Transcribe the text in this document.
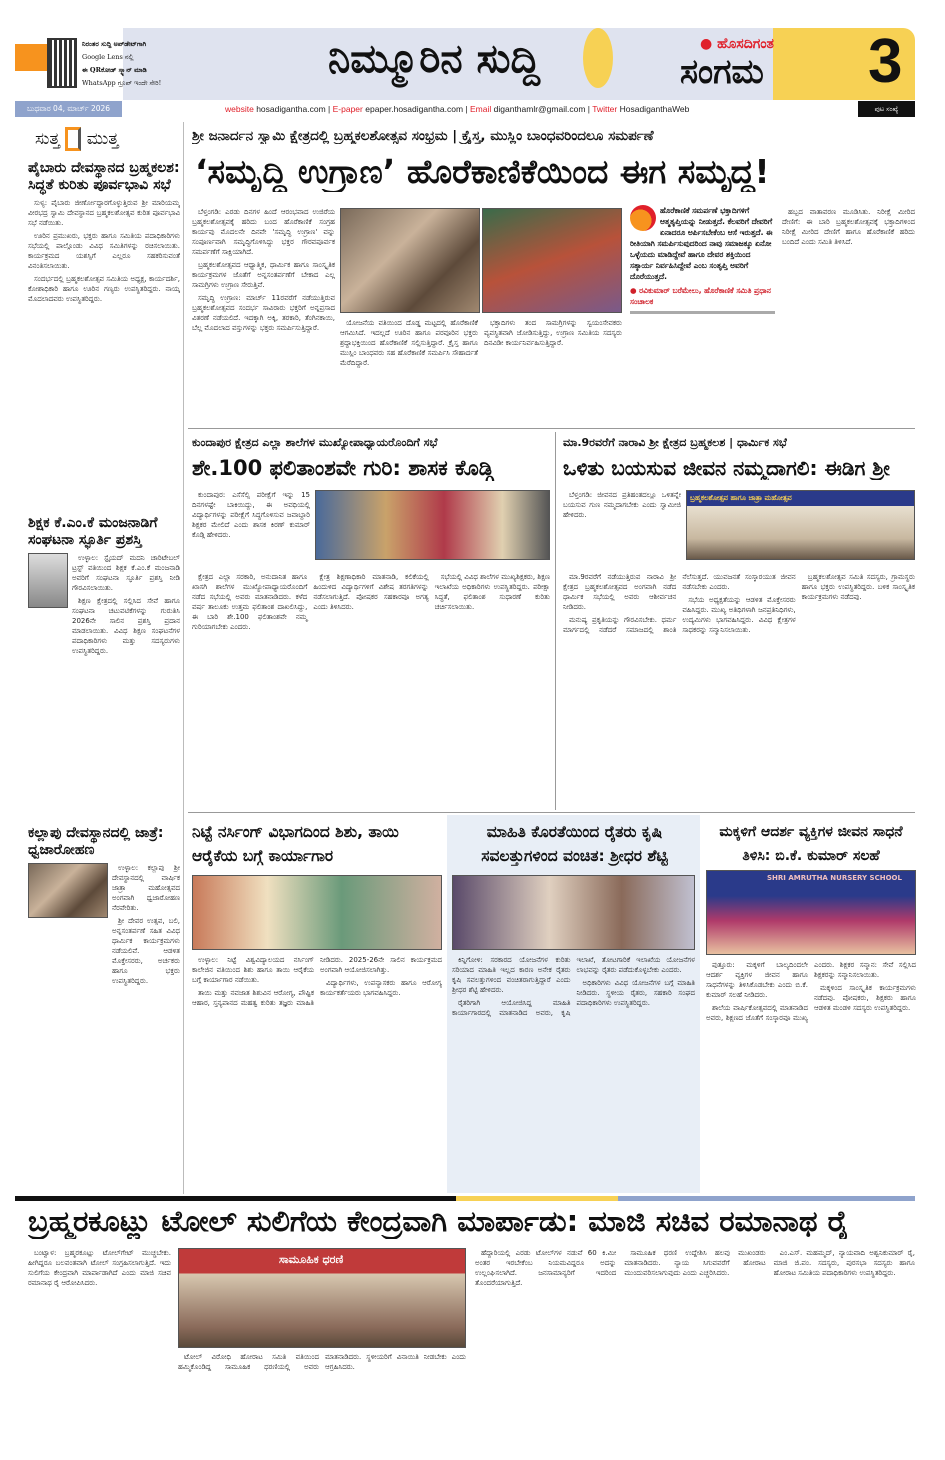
ನಿಮ್ಮೂರಿನ ಸುದ್ದಿ
ನಿರಂತರ ಸುದ್ದಿ ಅಪ್‌ಡೇಟ್‌ಗಾಗಿ
Google Lens ನಲ್ಲಿ
ಈ QRಕೋಡ್ ಸ್ಕ್ಯಾನ್ ಮಾಡಿ
WhatsApp ಗ್ರೂಪ್ ಇಂದೇ ಸೇರಿ!
● ಹೊಸದಿಗಂತ
ಸಂಗಮ 3
ಬುಧವಾರ 04, ಮಾರ್ಚ್ 2026	website hosadigantha.com | E-paper epaper.hosadigantha.com | Email diganthamlr@gmail.com | Twitter HosadiganthaWeb	ಪುಟ ಸಂಖ್ಯೆ
ಸುತ್ತ ಮುತ್ತ
ಪೈಬಾರು ದೇವಸ್ಥಾನದ ಬ್ರಹ್ಮಕಲಶ: ಸಿದ್ಧತೆ ಕುರಿತು ಪೂರ್ವಭಾವಿ ಸಭೆ

ಸುಳ್ಯ: ಪೈಬಾರು ಜೀರ್ಣೋದ್ಧಾರಗೊಳ್ಳುತ್ತಿರುವ ಶ್ರೀ ಮಾರಿಯಮ್ಮ ವೀರಭದ್ರ ಸ್ವಾಮಿ ದೇವಸ್ಥಾನದ ಬ್ರಹ್ಮಕಲಶೋತ್ಸವ ಕುರಿತ ಪೂರ್ವಭಾವಿ ಸಭೆ ನಡೆಯಿತು.

ಊರಿನ ಪ್ರಮುಖರು, ಭಕ್ತರು ಹಾಗೂ ಸಮಿತಿಯ ಪದಾಧಿಕಾರಿಗಳು ಸಭೆಯಲ್ಲಿ ಪಾಲ್ಗೊಂಡು ವಿವಿಧ ಸಮಿತಿಗಳನ್ನು ರಚಿಸಲಾಯಿತು. ಕಾರ್ಯಕ್ರಮದ ಯಶಸ್ಸಿಗೆ ಎಲ್ಲರೂ ಸಹಕರಿಸುವಂತೆ ವಿನಂತಿಸಲಾಯಿತು.

ಸಂದರ್ಭದಲ್ಲಿ ಬ್ರಹ್ಮಕಲಶೋತ್ಸವ ಸಮಿತಿಯ ಅಧ್ಯಕ್ಷ, ಕಾರ್ಯದರ್ಶಿ, ಕೋಶಾಧಿಕಾರಿ ಹಾಗೂ ಊರಿನ ಗಣ್ಯರು ಉಪಸ್ಥಿತರಿದ್ದರು. ನಾಯ್ಕ ಮೊದಲಾದವರು ಉಪಸ್ಥಿತರಿದ್ದರು.

ಶಿಕ್ಷಕ ಕೆ.ಎಂ.ಕೆ ಮಂಜನಾಡಿಗೆ ಸಂಘಟನಾ ಸ್ಫೂರ್ತಿ ಪ್ರಶಸ್ತಿ

ಉಳ್ಳಾಲ: ಸ್ಟೈಯದ್ ಮದನಿ ಚಾರಿಟೇಬಲ್ ಟ್ರಸ್ಟ್ ವತಿಯಿಂದ ಶಿಕ್ಷಕ ಕೆ.ಎಂ.ಕೆ ಮಂಜನಾಡಿ ಅವರಿಗೆ ಸಂಘಟನಾ ಸ್ಫೂರ್ತಿ ಪ್ರಶಸ್ತಿ ನೀಡಿ ಗೌರವಿಸಲಾಯಿತು.

ಶಿಕ್ಷಣ ಕ್ಷೇತ್ರದಲ್ಲಿ ಸಲ್ಲಿಸಿದ ಸೇವೆ ಹಾಗೂ ಸಂಘಟನಾ ಚಟುವಟಿಕೆಗಳನ್ನು ಗುರುತಿಸಿ 2026ನೇ ಸಾಲಿನ ಪ್ರಶಸ್ತಿ ಪ್ರದಾನ ಮಾಡಲಾಯಿತು. ವಿವಿಧ ಶಿಕ್ಷಣ ಸಂಘಟನೆಗಳ ಪದಾಧಿಕಾರಿಗಳು ಮತ್ತು ಸದಸ್ಯರುಗಳು ಉಪಸ್ಥಿತರಿದ್ದರು.

ಕಲ್ಲಾಪು ದೇವಸ್ಥಾನದಲ್ಲಿ ಜಾತ್ರೆ: ಧ್ವಜಾರೋಹಣ

ಉಳ್ಳಾಲ: ಕಲ್ಲಾಪು ಶ್ರೀ ದೇವಸ್ಥಾನದಲ್ಲಿ ವಾರ್ಷಿಕ ಜಾತ್ರಾ ಮಹೋತ್ಸವದ ಅಂಗವಾಗಿ ಧ್ವಜಾರೋಹಣ ನೆರವೇರಿತು.

ಶ್ರೀ ದೇವರ ಉತ್ಸವ, ಬಲಿ, ಅನ್ನಸಂತರ್ಪಣೆ ಸಹಿತ ವಿವಿಧ ಧಾರ್ಮಿಕ ಕಾರ್ಯಕ್ರಮಗಳು ನಡೆಯಲಿವೆ. ಆಡಳಿತ ಮೊಕ್ತೇಸರರು, ಅರ್ಚಕರು ಹಾಗೂ ಭಕ್ತರು ಉಪಸ್ಥಿತರಿದ್ದರು.

ಶ್ರೀ ಜನಾರ್ದನ ಸ್ವಾಮಿ ಕ್ಷೇತ್ರದಲ್ಲಿ ಬ್ರಹ್ಮಕಲಶೋತ್ಸವ ಸಂಭ್ರಮ | ಕ್ರೈಸ್ತ, ಮುಸ್ಲಿಂ ಬಾಂಧವರಿಂದಲೂ ಸಮರ್ಪಣೆ
‘ಸಮೃದ್ಧಿ ಉಗ್ರಾಣ’ ಹೊರೆಕಾಣಿಕೆಯಿಂದ ಈಗ ಸಮೃದ್ಧ!

ಬೆಳ್ತಂಗಡಿ: ಎರಡು ದಿನಗಳ ಹಿಂದೆ ಆರಂಭವಾದ ಉಜಿರೆಯ ಬ್ರಹ್ಮಕಲಶೋತ್ಸವಕ್ಕೆ ಹರಿದು ಬಂದ ಹೊರೆಕಾಣಿಕೆ ಸಂಗ್ರಹ ಕಾರ್ಯವು ಮೊದಲನೇ ದಿನವೇ 'ಸಮೃದ್ಧಿ ಉಗ್ರಾಣ' ವನ್ನು ಸಂಪೂರ್ಣವಾಗಿ ಸಮೃದ್ಧಿಗೊಳಿಸಿದ್ದು ಭಕ್ತರ ಗೌರವಪೂರ್ವಕ ಸಮರ್ಪಣೆಗೆ ಸಾಕ್ಷಿಯಾಗಿದೆ.

ಬ್ರಹ್ಮಕಲಶೋತ್ಸವದ ಆಧ್ಯಾತ್ಮಿಕ, ಧಾರ್ಮಿಕ ಹಾಗೂ ಸಾಂಸ್ಕೃತಿಕ ಕಾರ್ಯಕ್ರಮಗಳ ಜೊತೆಗೆ ಅನ್ನಸಂತರ್ಪಣೆಗೆ ಬೇಕಾದ ಎಲ್ಲ ಸಾಮಗ್ರಿಗಳು ಉಗ್ರಾಣ ಸೇರುತ್ತಿವೆ.

ಸಮೃದ್ಧಿ ಉಗ್ರಾಣ: ಮಾರ್ಚ್ 11ರವರೆಗೆ ನಡೆಯುತ್ತಿರುವ ಬ್ರಹ್ಮಕಲಶೋತ್ಸವದ ಸಂದರ್ಭ ಸಾವಿರಾರು ಭಕ್ತರಿಗೆ ಅನ್ನಪ್ರಸಾದ ವಿತರಣೆ ನಡೆಯಲಿದೆ. ಇದಕ್ಕಾಗಿ ಅಕ್ಕಿ, ತರಕಾರಿ, ತೆಂಗಿನಕಾಯಿ, ಬೆಲ್ಲ ಮೊದಲಾದ ವಸ್ತುಗಳನ್ನು ಭಕ್ತರು ಸಮರ್ಪಿಸುತ್ತಿದ್ದಾರೆ.

ಯೋಜನೆಯ ವತಿಯಿಂದ ದೊಡ್ಡ ಮಟ್ಟದಲ್ಲಿ ಹೊರೆಕಾಣಿಕೆ ಆಗಮಿಸಿದೆ. ಇದಲ್ಲದೆ ಊರಿನ ಹಾಗೂ ಪರವೂರಿನ ಭಕ್ತರು ಶ್ರದ್ಧಾಭಕ್ತಿಯಿಂದ ಹೊರೆಕಾಣಿಕೆ ಸಲ್ಲಿಸುತ್ತಿದ್ದಾರೆ. ಕ್ರೈಸ್ತ ಹಾಗೂ ಮುಸ್ಲಿಂ ಬಾಂಧವರು ಸಹ ಹೊರೆಕಾಣಿಕೆ ಸಮರ್ಪಿಸಿ ಸೌಹಾರ್ದತೆ ಮೆರೆದಿದ್ದಾರೆ.

ಭಕ್ತಾದಿಗಳು ತಂದ ಸಾಮಗ್ರಿಗಳನ್ನು ಸ್ವಯಂಸೇವಕರು ವ್ಯವಸ್ಥಿತವಾಗಿ ಜೋಡಿಸುತ್ತಿದ್ದು, ಉಗ್ರಾಣ ಸಮಿತಿಯ ಸದಸ್ಯರು ದಿನವಿಡೀ ಕಾರ್ಯನಿರ್ವಹಿಸುತ್ತಿದ್ದಾರೆ.

ಹೊರೆಕಾಣಿಕೆ ಸಮರ್ಪಣೆ ಭಕ್ತಾದಿಗಳಿಗೆ ಆತ್ಮತೃಪ್ತಿಯನ್ನು ನೀಡುತ್ತದೆ. ಕೆಲವರಿಗೆ ದೇವರಿಗೆ ಏನಾದರೂ ಅರ್ಪಿಸಬೇಕೆಂಬ ಆಸೆ ಇರುತ್ತದೆ. ಈ ರೀತಿಯಾಗಿ ಸಮರ್ಪಿಸುವುದರಿಂದ ನಾವು ಸಮಾಜಕ್ಕೂ ಏನೋ ಒಳ್ಳೆಯದು ಮಾಡಿದ್ದೇವೆ ಹಾಗೂ ದೇವರ ಶಕ್ತಿಯಿಂದ ಸತ್ಕಾರ್ಯ ನಿರ್ವಹಿಸಿದ್ದೇವೆ ಎಂಬ ಸಂತೃಪ್ತಿ ಅವರಿಗೆ ದೊರೆಯುತ್ತದೆ.
● ರವಿಕುಮಾರ್ ಬರೆಮೇಲು, ಹೊರೆಕಾಣಿಕೆ ಸಮಿತಿ ಪ್ರಧಾನ ಸಂಚಾಲಕ

ಹಬ್ಬದ ವಾತಾವರಣ ಮೂಡಿಸಿತು. ನಿರೀಕ್ಷೆ ಮೀರಿದ ದೇಣಿಗೆ: ಈ ಬಾರಿ ಬ್ರಹ್ಮಕಲಶೋತ್ಸವಕ್ಕೆ ಭಕ್ತಾದಿಗಳಿಂದ ನಿರೀಕ್ಷೆ ಮೀರಿದ ದೇಣಿಗೆ ಹಾಗೂ ಹೊರೆಕಾಣಿಕೆ ಹರಿದು ಬಂದಿದೆ ಎಂದು ಸಮಿತಿ ತಿಳಿಸಿದೆ.

ಕುಂದಾಪುರ ಕ್ಷೇತ್ರದ ಎಲ್ಲಾ ಶಾಲೆಗಳ ಮುಖ್ಯೋಪಾಧ್ಯಾಯರೊಂದಿಗೆ ಸಭೆ
ಶೇ.100 ಫಲಿತಾಂಶವೇ ಗುರಿ: ಶಾಸಕ ಕೊಡ್ಗಿ

ಕುಂದಾಪುರ: ಎಸೆಸೆಲ್ಸಿ ಪರೀಕ್ಷೆಗೆ ಇನ್ನು 15 ದಿನಗಳಷ್ಟೇ ಬಾಕಿಯಿದ್ದು, ಈ ಅವಧಿಯಲ್ಲಿ ವಿದ್ಯಾರ್ಥಿಗಳನ್ನು ಪರೀಕ್ಷೆಗೆ ಸಿದ್ಧಗೊಳಿಸುವ ಜವಾಬ್ದಾರಿ ಶಿಕ್ಷಕರ ಮೇಲಿದೆ ಎಂದು ಶಾಸಕ ಕಿರಣ್ ಕುಮಾರ್ ಕೊಡ್ಗಿ ಹೇಳಿದರು.

ಕ್ಷೇತ್ರದ ಎಲ್ಲಾ ಸರಕಾರಿ, ಅನುದಾನಿತ ಹಾಗೂ ಖಾಸಗಿ ಶಾಲೆಗಳ ಮುಖ್ಯೋಪಾಧ್ಯಾಯರೊಂದಿಗೆ ನಡೆದ ಸಭೆಯಲ್ಲಿ ಅವರು ಮಾತನಾಡಿದರು. ಕಳೆದ ವರ್ಷ ತಾಲೂಕು ಉತ್ತಮ ಫಲಿತಾಂಶ ದಾಖಲಿಸಿದ್ದು, ಈ ಬಾರಿ ಶೇ.100 ಫಲಿತಾಂಶವೇ ನಮ್ಮ ಗುರಿಯಾಗಬೇಕು ಎಂದರು.

ಕ್ಷೇತ್ರ ಶಿಕ್ಷಣಾಧಿಕಾರಿ ಮಾತನಾಡಿ, ಕಲಿಕೆಯಲ್ಲಿ ಹಿಂದುಳಿದ ವಿದ್ಯಾರ್ಥಿಗಳಿಗೆ ವಿಶೇಷ ತರಗತಿಗಳನ್ನು ನಡೆಸಲಾಗುತ್ತಿದೆ. ಪೋಷಕರ ಸಹಕಾರವೂ ಅಗತ್ಯ ಎಂದು ತಿಳಿಸಿದರು.

ಸಭೆಯಲ್ಲಿ ವಿವಿಧ ಶಾಲೆಗಳ ಮುಖ್ಯಶಿಕ್ಷಕರು, ಶಿಕ್ಷಣ ಇಲಾಖೆಯ ಅಧಿಕಾರಿಗಳು ಉಪಸ್ಥಿತರಿದ್ದರು. ಪರೀಕ್ಷಾ ಸಿದ್ಧತೆ, ಫಲಿತಾಂಶ ಸುಧಾರಣೆ ಕುರಿತು ಚರ್ಚಿಸಲಾಯಿತು.

ಮಾ.9ರವರೆಗೆ ನಾರಾವಿ ಶ್ರೀ ಕ್ಷೇತ್ರದ ಬ್ರಹ್ಮಕಲಶ | ಧಾರ್ಮಿಕ ಸಭೆ
ಒಳಿತು ಬಯಸುವ ಜೀವನ ನಮ್ಮದಾಗಲಿ: ಈಡಿಗ ಶ್ರೀ

ಬೆಳ್ತಂಗಡಿ: ಜೀವನದ ಪ್ರತಿಹಂತದಲ್ಲೂ ಒಳಿತನ್ನೇ ಬಯಸುವ ಗುಣ ನಮ್ಮದಾಗಬೇಕು ಎಂದು ಸ್ವಾಮೀಜಿ ಹೇಳಿದರು.

ಬ್ರಹ್ಮಕಲಶೋತ್ಸವ ಹಾಗೂ ಜಾತ್ರಾ ಮಹೋತ್ಸವ

ಮಾ.9ರವರೆಗೆ ನಡೆಯುತ್ತಿರುವ ನಾರಾವಿ ಶ್ರೀ ಕ್ಷೇತ್ರದ ಬ್ರಹ್ಮಕಲಶೋತ್ಸವದ ಅಂಗವಾಗಿ ನಡೆದ ಧಾರ್ಮಿಕ ಸಭೆಯಲ್ಲಿ ಅವರು ಆಶೀರ್ವಚನ ನೀಡಿದರು.

ಮನುಷ್ಯ ಪ್ರಕೃತಿಯನ್ನು ಗೌರವಿಸಬೇಕು. ಧರ್ಮ ಮಾರ್ಗದಲ್ಲಿ ನಡೆದರೆ ಸಮಾಜದಲ್ಲಿ ಶಾಂತಿ ನೆಲೆಸುತ್ತದೆ. ಯುವಜನತೆ ಸಂಸ್ಕಾರಯುತ ಜೀವನ ನಡೆಸಬೇಕು ಎಂದರು.

ಸಭೆಯ ಅಧ್ಯಕ್ಷತೆಯನ್ನು ಆಡಳಿತ ಮೊಕ್ತೇಸರರು ವಹಿಸಿದ್ದರು. ಮುಖ್ಯ ಅತಿಥಿಗಳಾಗಿ ಜನಪ್ರತಿನಿಧಿಗಳು, ಉದ್ಯಮಿಗಳು ಭಾಗವಹಿಸಿದ್ದರು. ವಿವಿಧ ಕ್ಷೇತ್ರಗಳ ಸಾಧಕರನ್ನು ಸನ್ಮಾನಿಸಲಾಯಿತು.

ಬ್ರಹ್ಮಕಲಶೋತ್ಸವ ಸಮಿತಿ ಸದಸ್ಯರು, ಗ್ರಾಮಸ್ಥರು ಹಾಗೂ ಭಕ್ತರು ಉಪಸ್ಥಿತರಿದ್ದರು. ಬಳಿಕ ಸಾಂಸ್ಕೃತಿಕ ಕಾರ್ಯಕ್ರಮಗಳು ನಡೆದವು.

ನಿಟ್ಟೆ ನರ್ಸಿಂಗ್ ವಿಭಾಗದಿಂದ ಶಿಶು, ತಾಯಿ ಆರೈಕೆಯ ಬಗ್ಗೆ ಕಾರ್ಯಾಗಾರ

ಉಳ್ಳಾಲ: ನಿಟ್ಟೆ ವಿಶ್ವವಿದ್ಯಾಲಯದ ನರ್ಸಿಂಗ್ ಕಾಲೇಜಿನ ವತಿಯಿಂದ ಶಿಶು ಹಾಗೂ ತಾಯಿ ಆರೈಕೆಯ ಬಗ್ಗೆ ಕಾರ್ಯಾಗಾರ ನಡೆಯಿತು.

ತಾಯಿ ಮತ್ತು ನವಜಾತ ಶಿಶುವಿನ ಆರೋಗ್ಯ, ಪೌಷ್ಟಿಕ ಆಹಾರ, ಸ್ತನ್ಯಪಾನದ ಮಹತ್ವ ಕುರಿತು ತಜ್ಞರು ಮಾಹಿತಿ ನೀಡಿದರು. 2025-26ನೇ ಸಾಲಿನ ಕಾರ್ಯಕ್ರಮದ ಅಂಗವಾಗಿ ಆಯೋಜಿಸಲಾಗಿತ್ತು.

ವಿದ್ಯಾರ್ಥಿಗಳು, ಉಪನ್ಯಾಸಕರು ಹಾಗೂ ಆರೋಗ್ಯ ಕಾರ್ಯಕರ್ತೆಯರು ಭಾಗವಹಿಸಿದ್ದರು.

ಮಾಹಿತಿ ಕೊರತೆಯಿಂದ ರೈತರು ಕೃಷಿ ಸವಲತ್ತುಗಳಿಂದ ವಂಚಿತ: ಶ್ರೀಧರ ಶೆಟ್ಟಿ

ಕಿನ್ನಿಗೋಳಿ: ಸರಕಾರದ ಯೋಜನೆಗಳ ಕುರಿತು ಸರಿಯಾದ ಮಾಹಿತಿ ಇಲ್ಲದ ಕಾರಣ ಅನೇಕ ರೈತರು ಕೃಷಿ ಸವಲತ್ತುಗಳಿಂದ ವಂಚಿತರಾಗುತ್ತಿದ್ದಾರೆ ಎಂದು ಶ್ರೀಧರ ಶೆಟ್ಟಿ ಹೇಳಿದರು.

ರೈತರಿಗಾಗಿ ಆಯೋಜಿಸಿದ್ದ ಮಾಹಿತಿ ಕಾರ್ಯಾಗಾರದಲ್ಲಿ ಮಾತನಾಡಿದ ಅವರು, ಕೃಷಿ ಇಲಾಖೆ, ತೋಟಗಾರಿಕೆ ಇಲಾಖೆಯ ಯೋಜನೆಗಳ ಲಾಭವನ್ನು ರೈತರು ಪಡೆದುಕೊಳ್ಳಬೇಕು ಎಂದರು.

ಅಧಿಕಾರಿಗಳು ವಿವಿಧ ಯೋಜನೆಗಳ ಬಗ್ಗೆ ಮಾಹಿತಿ ನೀಡಿದರು. ಸ್ಥಳೀಯ ರೈತರು, ಸಹಕಾರಿ ಸಂಘದ ಪದಾಧಿಕಾರಿಗಳು ಉಪಸ್ಥಿತರಿದ್ದರು.

ಮಕ್ಕಳಿಗೆ ಆದರ್ಶ ವ್ಯಕ್ತಿಗಳ ಜೀವನ ಸಾಧನೆ ತಿಳಿಸಿ: ಬಿ.ಕೆ. ಕುಮಾರ್ ಸಲಹೆ
SHRI AMRUTHA NURSERY SCHOOL

ಪುತ್ತೂರು: ಮಕ್ಕಳಿಗೆ ಬಾಲ್ಯದಿಂದಲೇ ಆದರ್ಶ ವ್ಯಕ್ತಿಗಳ ಜೀವನ ಹಾಗೂ ಸಾಧನೆಗಳನ್ನು ತಿಳಿಸಿಕೊಡಬೇಕು ಎಂದು ಬಿ.ಕೆ. ಕುಮಾರ್ ಸಲಹೆ ನೀಡಿದರು.

ಶಾಲೆಯ ವಾರ್ಷಿಕೋತ್ಸವದಲ್ಲಿ ಮಾತನಾಡಿದ ಅವರು, ಶಿಕ್ಷಣದ ಜೊತೆಗೆ ಸಂಸ್ಕಾರವೂ ಮುಖ್ಯ ಎಂದರು. ಶಿಕ್ಷಕರ ಸನ್ಮಾನ: ಸೇವೆ ಸಲ್ಲಿಸಿದ ಶಿಕ್ಷಕರನ್ನು ಸನ್ಮಾನಿಸಲಾಯಿತು.

ಮಕ್ಕಳಿಂದ ಸಾಂಸ್ಕೃತಿಕ ಕಾರ್ಯಕ್ರಮಗಳು ನಡೆದವು. ಪೋಷಕರು, ಶಿಕ್ಷಕರು ಹಾಗೂ ಆಡಳಿತ ಮಂಡಳಿ ಸದಸ್ಯರು ಉಪಸ್ಥಿತರಿದ್ದರು.

ಬ್ರಹ್ಮರಕೂಟ್ಲು ಟೋಲ್ ಸುಲಿಗೆಯ ಕೇಂದ್ರವಾಗಿ ಮಾರ್ಪಾಡು: ಮಾಜಿ ಸಚಿವ ರಮಾನಾಥ ರೈ

ಬಂಟ್ವಾಳ: ಬ್ರಹ್ಮರಕೂಟ್ಲು ಟೋಲ್‌ಗೇಟ್ ಮುಚ್ಚಬೇಕು. ಹೀಗಿದ್ದರೂ ಬಲವಂತವಾಗಿ ಟೋಲ್ ಸಂಗ್ರಹಿಸಲಾಗುತ್ತಿದೆ. ಇದು ಸುಲಿಗೆಯ ಕೇಂದ್ರವಾಗಿ ಮಾರ್ಪಾಡಾಗಿದೆ ಎಂದು ಮಾಜಿ ಸಚಿವ ರಮಾನಾಥ ರೈ ಆರೋಪಿಸಿದರು.

ಸಾಮೂಹಿಕ ಧರಣಿ

ಟೋಲ್ ವಿರೋಧಿ ಹೋರಾಟ ಸಮಿತಿ ವತಿಯಿಂದ ಹಮ್ಮಿಕೊಂಡಿದ್ದ ಸಾಮೂಹಿಕ ಧರಣಿಯಲ್ಲಿ ಅವರು ಮಾತನಾಡಿದರು. ಸ್ಥಳೀಯರಿಗೆ ವಿನಾಯಿತಿ ನೀಡಬೇಕು ಎಂದು ಆಗ್ರಹಿಸಿದರು.

ಹೆದ್ದಾರಿಯಲ್ಲಿ ಎರಡು ಟೋಲ್‌ಗಳ ನಡುವೆ 60 ಕಿ.ಮೀ ಅಂತರ ಇರಬೇಕೆಂಬ ನಿಯಮವಿದ್ದರೂ ಅದನ್ನು ಉಲ್ಲಂಘಿಸಲಾಗಿದೆ. ಜನಸಾಮಾನ್ಯರಿಗೆ ಇದರಿಂದ ತೊಂದರೆಯಾಗುತ್ತಿದೆ.

ಸಾಮೂಹಿಕ ಧರಣಿ ಉದ್ದೇಶಿಸಿ ಹಲವು ಮುಖಂಡರು ಮಾತನಾಡಿದರು. ನ್ಯಾಯ ಸಿಗುವವರೆಗೆ ಹೋರಾಟ ಮುಂದುವರಿಸಲಾಗುವುದು ಎಂದು ಎಚ್ಚರಿಸಿದರು.

ಎಂ.ಎಸ್. ಮಹಮ್ಮದ್, ನ್ಯಾಯವಾದಿ ಅಶ್ವನಿಕುಮಾರ್ ರೈ, ಮಾಜಿ ಜಿ.ಪಂ. ಸದಸ್ಯರು, ಪುರಸಭಾ ಸದಸ್ಯರು ಹಾಗೂ ಹೋರಾಟ ಸಮಿತಿಯ ಪದಾಧಿಕಾರಿಗಳು ಉಪಸ್ಥಿತರಿದ್ದರು.
